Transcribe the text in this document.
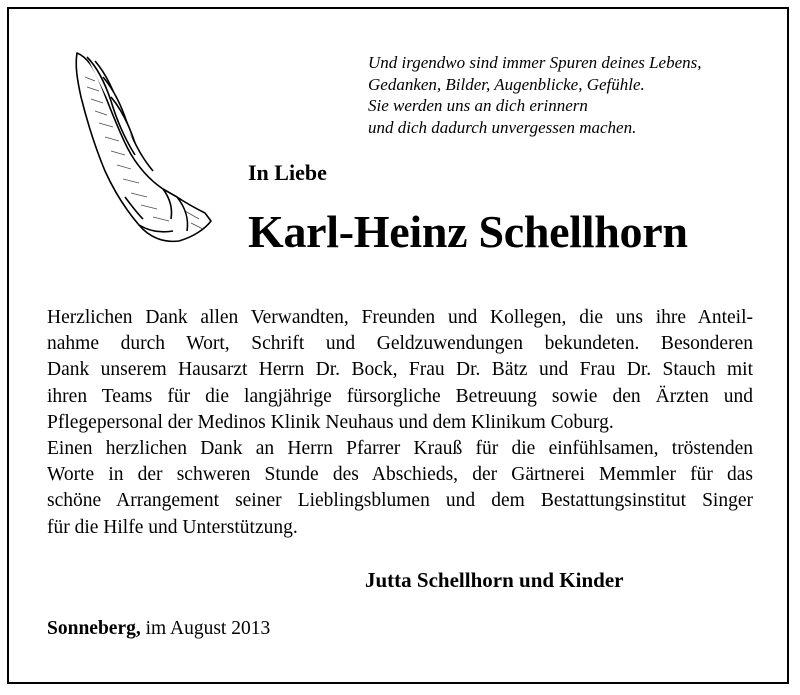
Und irgendwo sind immer Spuren deines Lebens,
Gedanken, Bilder, Augenblicke, Gefühle.
Sie werden uns an dich erinnern
und dich dadurch unvergessen machen.
In Liebe
Karl-Heinz Schellhorn
Herzlichen Dank allen Verwandten, Freunden und Kollegen, die uns ihre Anteil-
nahme durch Wort, Schrift und Geldzuwendungen bekundeten. Besonderen
Dank unserem Hausarzt Herrn Dr. Bock, Frau Dr. Bätz und Frau Dr. Stauch mit
ihren Teams für die langjährige fürsorgliche Betreuung sowie den Ärzten und
Pflegepersonal der Medinos Klinik Neuhaus und dem Klinikum Coburg.
Einen herzlichen Dank an Herrn Pfarrer Krauß für die einfühlsamen, tröstenden
Worte in der schweren Stunde des Abschieds, der Gärtnerei Memmler für das
schöne Arrangement seiner Lieblingsblumen und dem Bestattungsinstitut Singer
für die Hilfe und Unterstützung.
Jutta Schellhorn und Kinder
Sonneberg, im August 2013
